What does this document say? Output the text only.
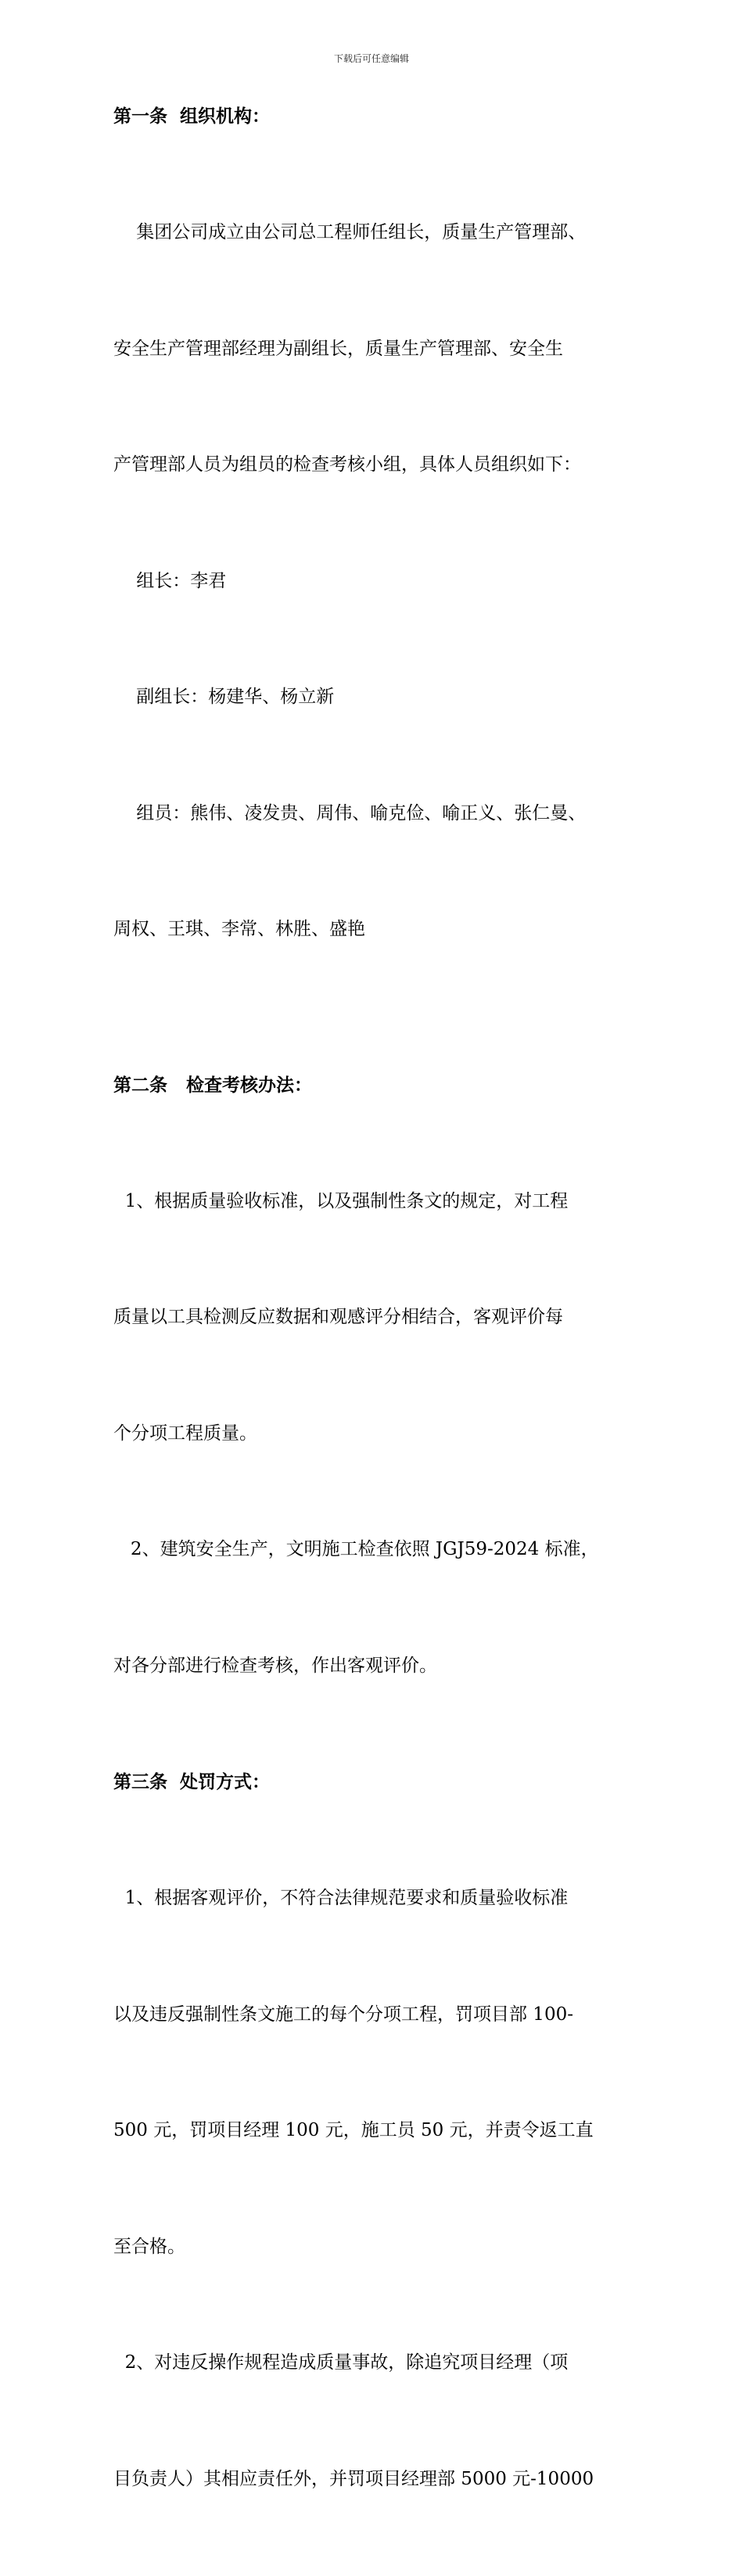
下载后可任意编辑
第一条  组织机构：

集团公司成立由公司总工程师任组长，质量生产管理部、

安全生产管理部经理为副组长，质量生产管理部、安全生

产管理部人员为组员的检查考核小组，具体人员组织如下：

组长：李君

副组长：杨建华、杨立新

组员：熊伟、凌发贵、周伟、喻克俭、喻正义、张仁曼、

周权、王琪、李常、林胜、盛艳

第二条   检查考核办法：

1、根据质量验收标准，以及强制性条文的规定，对工程

质量以工具检测反应数据和观感评分相结合，客观评价每

个分项工程质量。

2、建筑安全生产，文明施工检查依照 JGJ59-2024 标准，

对各分部进行检查考核，作出客观评价。

第三条  处罚方式：

1、根据客观评价，不符合法律规范要求和质量验收标准

以及违反强制性条文施工的每个分项工程，罚项目部 100-

500 元，罚项目经理 100 元，施工员 50 元，并责令返工直

至合格。

2、对违反操作规程造成质量事故，除追究项目经理（项

目负责人）其相应责任外，并罚项目经理部 5000 元-10000
